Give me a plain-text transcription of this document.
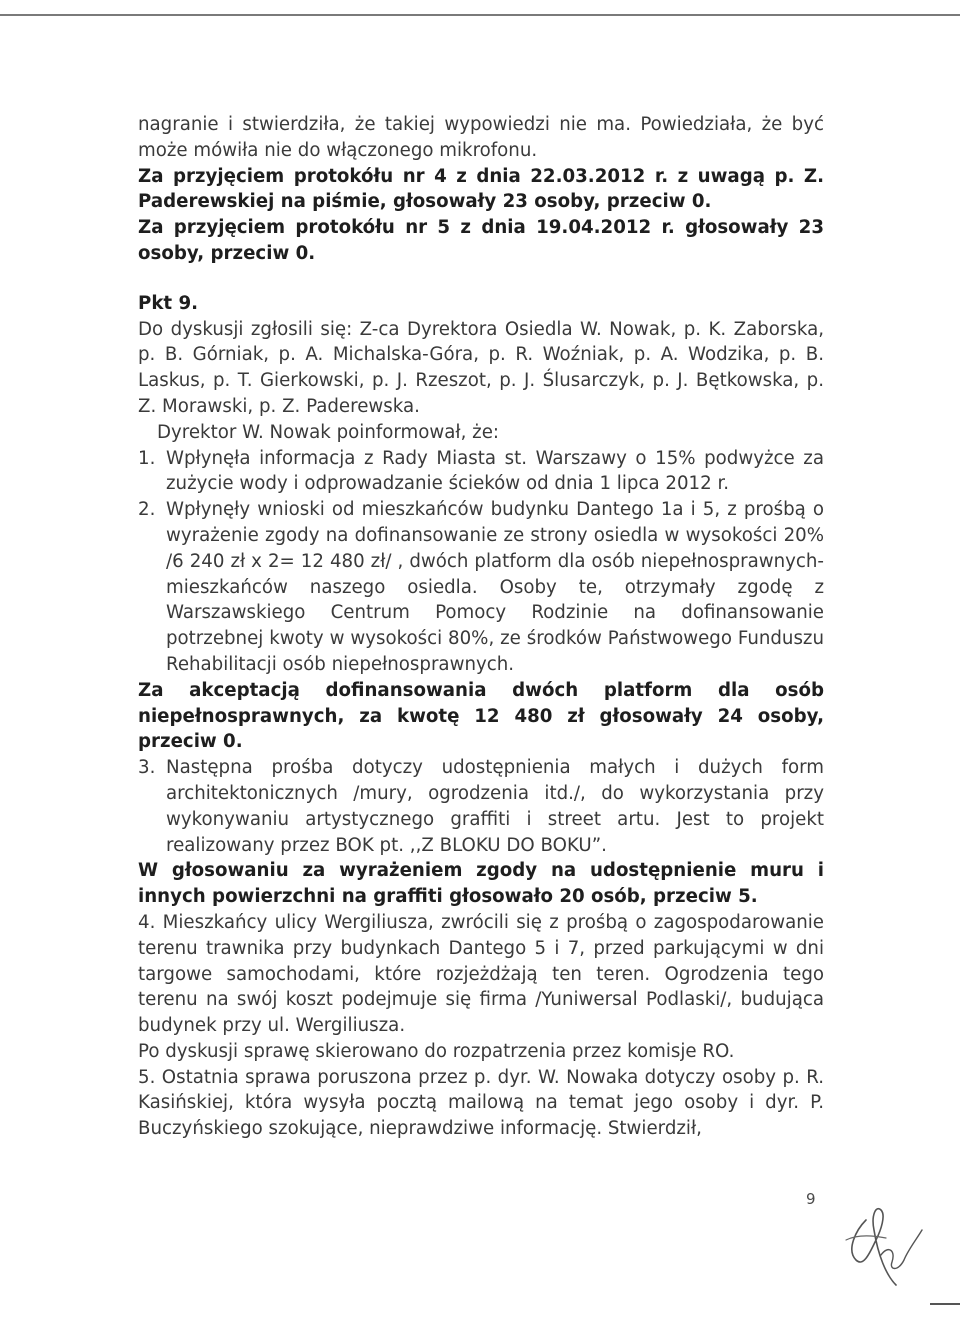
nagranie i stwierdziła, że takiej wypowiedzi nie ma. Powiedziała, że być może mówiła nie do włączonego mikrofonu.

Za przyjęciem protokółu nr 4 z dnia 22.03.2012 r. z uwagą p. Z. Paderewskiej na piśmie, głosowały 23 osoby, przeciw 0.

Za przyjęciem protokółu nr 5 z dnia 19.04.2012 r. głosowały 23 osoby, przeciw 0.

Pkt 9.

Do dyskusji zgłosili się: Z-ca Dyrektora Osiedla W. Nowak, p. K. Zaborska, p. B. Górniak, p. A. Michalska-Góra, p. R. Woźniak, p. A. Wodzika, p. B. Laskus, p. T. Gierkowski, p. J. Rzeszot, p. J. Ślusarczyk, p. J. Bętkowska, p. Z. Morawski, p. Z. Paderewska.

Dyrektor W. Nowak poinformował, że:

1. Wpłynęła informacja z Rady Miasta st. Warszawy o 15% podwyżce za zużycie wody i odprowadzanie ścieków od dnia 1 lipca 2012 r.
2. Wpłynęły wnioski od mieszkańców budynku Dantego 1a i 5, z prośbą o wyrażenie zgody na dofinansowanie ze strony osiedla w wysokości 20% /6 240 zł x 2= 12 480 zł/ , dwóch platform dla osób niepełnosprawnych-mieszkańców naszego osiedla. Osoby te, otrzymały zgodę z Warszawskiego Centrum Pomocy Rodzinie na dofinansowanie potrzebnej kwoty w wysokości 80%, ze środków Państwowego Funduszu Rehabilitacji osób niepełnosprawnych.

Za akceptacją dofinansowania dwóch platform dla osób niepełnosprawnych, za kwotę 12 480 zł głosowały 24 osoby, przeciw 0.

3. Następna prośba dotyczy udostępnienia małych i dużych form architektonicznych /mury, ogrodzenia itd./, do wykorzystania przy wykonywaniu artystycznego graffiti i street artu. Jest to projekt realizowany przez BOK pt. ,,Z BLOKU DO BOKU”.

W głosowaniu za wyrażeniem zgody na udostępnienie muru i innych powierzchni na graffiti głosowało 20 osób, przeciw 5.

4. Mieszkańcy ulicy Wergiliusza, zwrócili się z prośbą o zagospodarowanie terenu trawnika przy budynkach Dantego 5 i 7, przed parkującymi w dni targowe samochodami, które rozjeżdżają ten teren. Ogrodzenia tego terenu na swój koszt podejmuje się firma /Yuniwersal Podlaski/, budująca budynek przy ul. Wergiliusza.

Po dyskusji sprawę skierowano do rozpatrzenia przez komisje RO.

5. Ostatnia sprawa poruszona przez p. dyr. W. Nowaka dotyczy osoby p. R. Kasińskiej, która wysyła pocztą mailową na temat jego osoby i dyr. P. Buczyńskiego szokujące, nieprawdziwe informację. Stwierdził,

9
